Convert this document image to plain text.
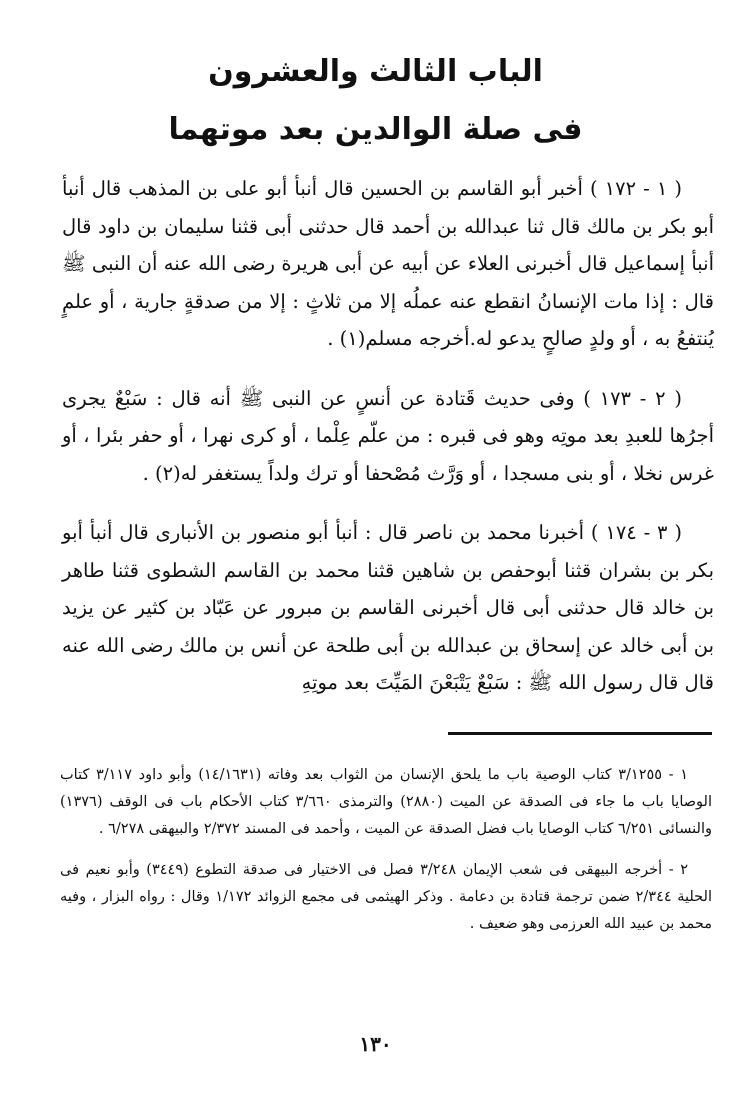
الباب الثالث والعشرون
فى صلة الوالدين بعد موتهما

( ١ - ١٧٢ ) أخبر أبو القاسم بن الحسين قال أنبأ أبو على بن المذهب قال أنبأ أبو بكر بن مالك قال ثنا عبدالله بن أحمد قال حدثنى أبى قثنا سليمان بن داود قال أنبأ إسماعيل قال أخبرنى العلاء عن أبيه عن أبى هريرة رضى الله عنه أن النبى ﷺ قال : إذا مات الإنسانُ انقطع عنه عملُه إلا من ثلاثٍ : إلا من صدقةٍ جارية ، أو علمٍ يُنتفعُ به ، أو ولدٍ صالحٍ يدعو له.أخرجه مسلم(١) .

( ٢ - ١٧٣ ) وفى حديث قَتادة عن أنسٍ عن النبى ﷺ أنه قال : سَبْعٌ يجرى أجرُها للعبدِ بعد موتِه وهو فى قبره : من علّم عِلْما ، أو كرى نهرا ، أو حفر بئرا ، أو غرس نخلا ، أو بنى مسجدا ، أو وَرَّث مُصْحفا أو ترك ولداً يستغفر له(٢) .

( ٣ - ١٧٤ ) أخبرنا محمد بن ناصر قال : أنبأ أبو منصور بن الأنبارى قال أنبأ أبو بكر بن بشران قثنا أبوحفص بن شاهين قثنا محمد بن القاسم الشطوى قثنا طاهر بن خالد قال حدثنى أبى قال أخبرنى القاسم بن مبرور عن عَبّاد بن كثير عن يزيد بن أبى خالد عن إسحاق بن عبدالله بن أبى طلحة عن أنس بن مالك رضى الله عنه قال قال رسول الله ﷺ : سَبْعٌ يَتْبَعْنَ المَيِّتَ بعد موتِهِ

١ - ٣/١٢٥٥ كتاب الوصية باب ما يلحق الإنسان من الثواب بعد وفاته (١٤/١٦٣١) وأبو داود ٣/١١٧ كتاب الوصايا باب ما جاء فى الصدقة عن الميت (٢٨٨٠) والترمذى ٣/٦٦٠ كتاب الأحكام باب فى الوقف (١٣٧٦) والنسائى ٦/٢٥١ كتاب الوصايا باب فضل الصدقة عن الميت ، وأحمد فى المسند ٢/٣٧٢ والبيهقى ٦/٢٧٨ .

٢ - أخرجه البيهقى فى شعب الإيمان ٣/٢٤٨ فصل فى الاختيار فى صدقة التطوع (٣٤٤٩) وأبو نعيم فى الحلية ٢/٣٤٤ ضمن ترجمة قتادة بن دعامة . وذكر الهيثمى فى مجمع الزوائد ١/١٧٢ وقال : رواه البزار ، وفيه محمد بن عبيد الله العرزمى وهو ضعيف .

١٣٠
